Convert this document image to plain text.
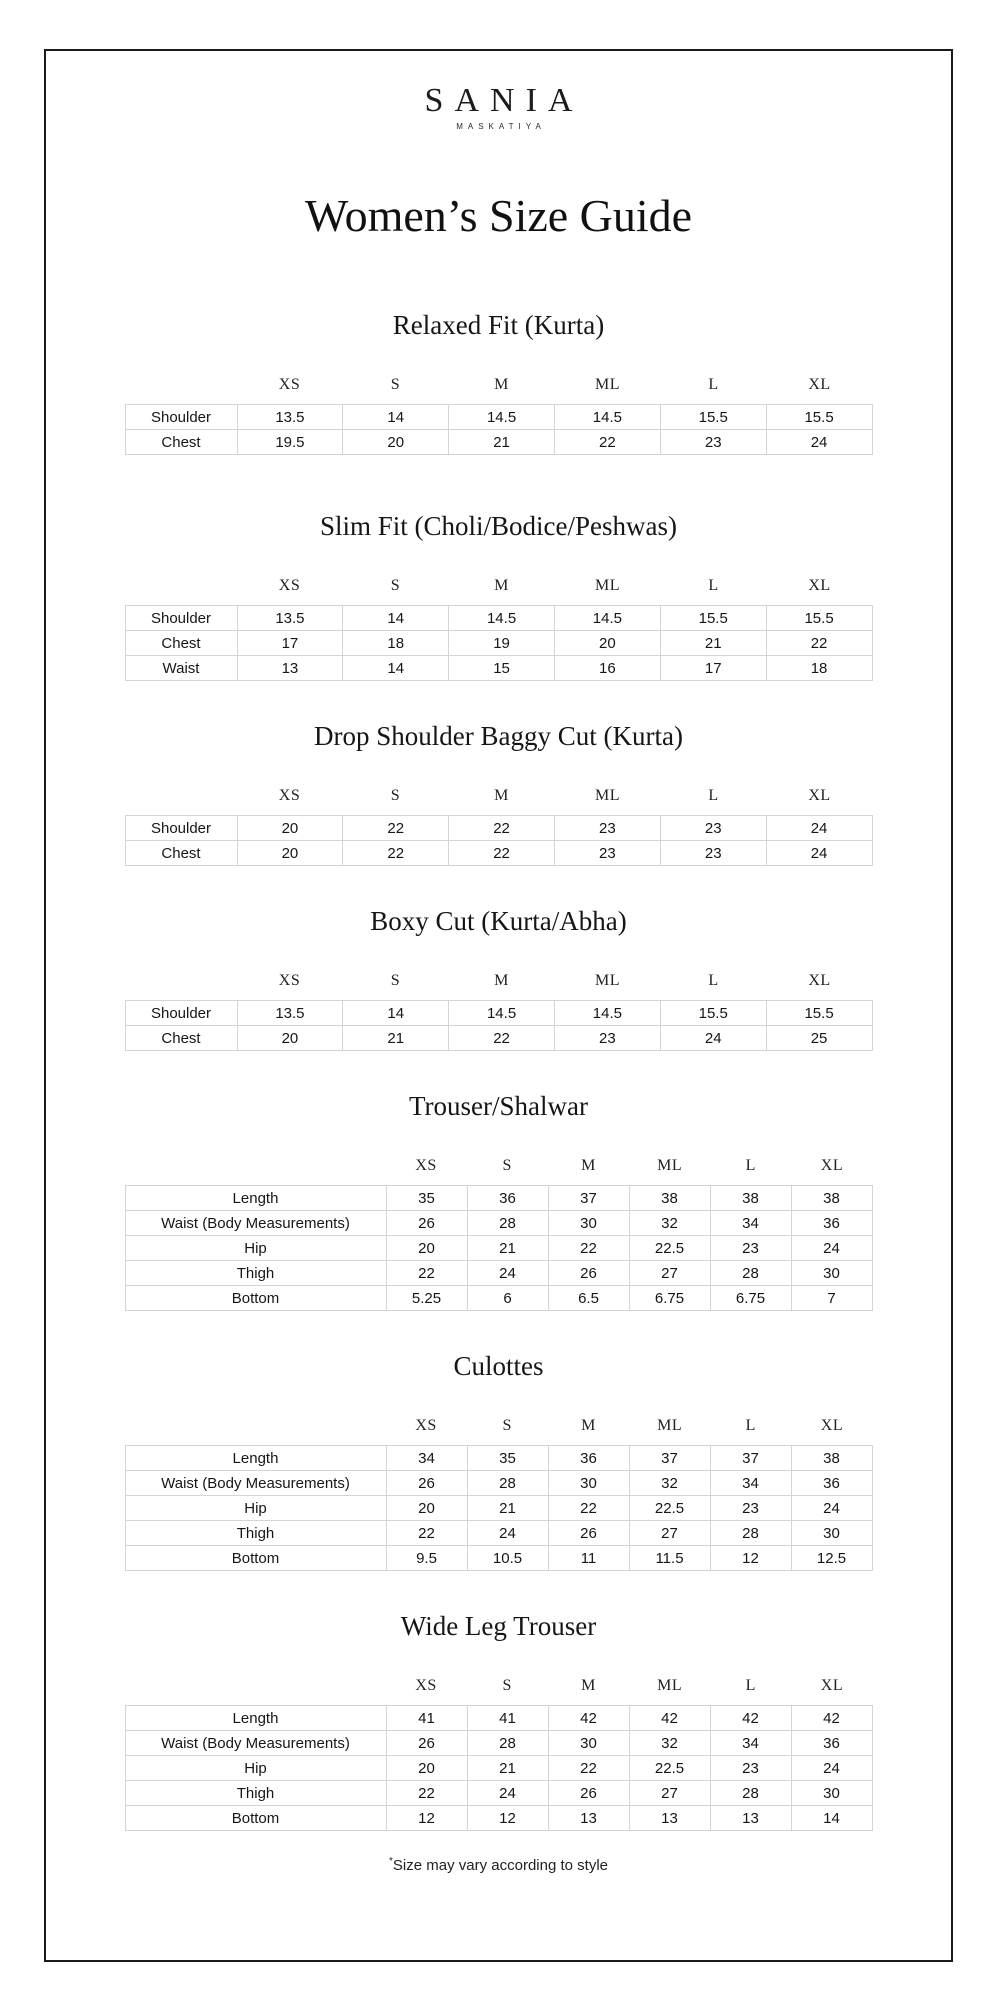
SANIA
MASKATIYA
Women’s Size Guide
Relaxed Fit (Kurta)
XS	S	M	ML	L	XL
Shoulder	13.5	14	14.5	14.5	15.5	15.5
Chest	19.5	20	21	22	23	24
Slim Fit (Choli/Bodice/Peshwas)
XS	S	M	ML	L	XL
Shoulder	13.5	14	14.5	14.5	15.5	15.5
Chest	17	18	19	20	21	22
Waist	13	14	15	16	17	18
Drop Shoulder Baggy Cut (Kurta)
XS	S	M	ML	L	XL
Shoulder	20	22	22	23	23	24
Chest	20	22	22	23	23	24
Boxy Cut (Kurta/Abha)
XS	S	M	ML	L	XL
Shoulder	13.5	14	14.5	14.5	15.5	15.5
Chest	20	21	22	23	24	25
Trouser/Shalwar
XS	S	M	ML	L	XL
Length	35	36	37	38	38	38
Waist (Body Measurements)	26	28	30	32	34	36
Hip	20	21	22	22.5	23	24
Thigh	22	24	26	27	28	30
Bottom	5.25	6	6.5	6.75	6.75	7
Culottes
XS	S	M	ML	L	XL
Length	34	35	36	37	37	38
Waist (Body Measurements)	26	28	30	32	34	36
Hip	20	21	22	22.5	23	24
Thigh	22	24	26	27	28	30
Bottom	9.5	10.5	11	11.5	12	12.5
Wide Leg Trouser
XS	S	M	ML	L	XL
Length	41	41	42	42	42	42
Waist (Body Measurements)	26	28	30	32	34	36
Hip	20	21	22	22.5	23	24
Thigh	22	24	26	27	28	30
Bottom	12	12	13	13	13	14
*Size may vary according to style
